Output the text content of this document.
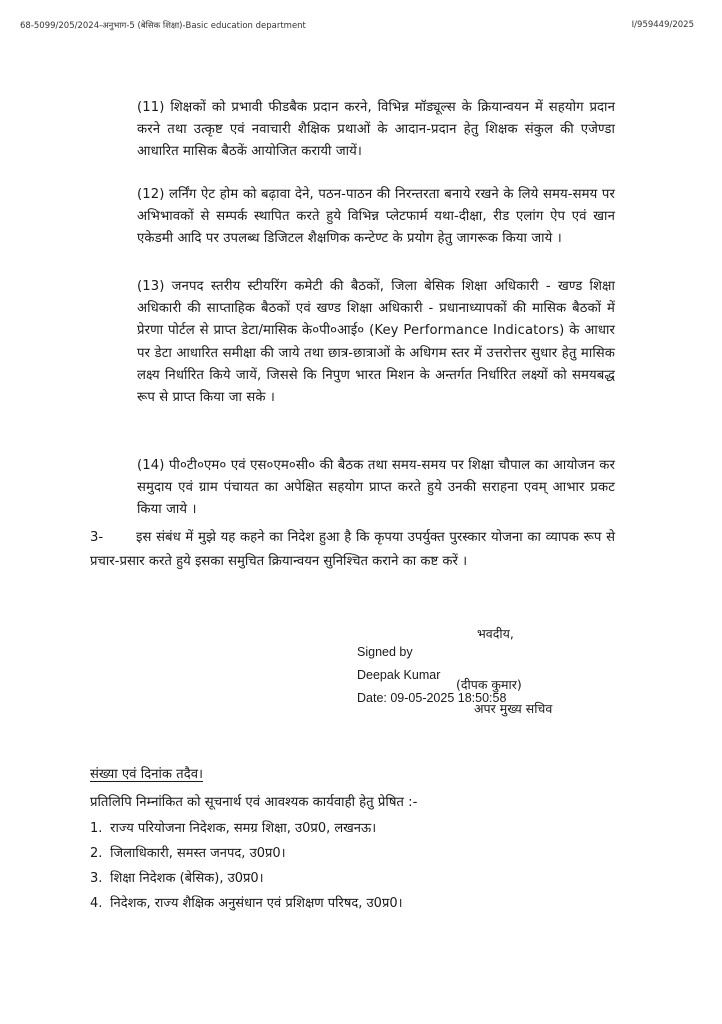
68-5099/205/2024-अनुभाग-5 (बेसिक शिक्षा)-Basic education department	I/959449/2025
(11) शिक्षकों को प्रभावी फीडबैक प्रदान करने, विभिन्न मॉड्यूल्स के क्रियान्वयन में सहयोग प्रदान करने तथा उत्कृष्ट एवं नवाचारी शैक्षिक प्रथाओं के आदान-प्रदान हेतु शिक्षक संकुल की एजेण्डा आधारित मासिक बैठकें आयोजित करायी जायें।
(12) लर्निंग ऐट होम को बढ़ावा देने, पठन-पाठन की निरन्तरता बनाये रखने के लिये समय-समय पर अभिभावकों से सम्पर्क स्थापित करते हुये विभिन्न प्लेटफार्म यथा-दीक्षा, रीड एलांग ऐप एवं खान एकेडमी आदि पर उपलब्ध डिजिटल शैक्षणिक कन्टेण्ट के प्रयोग हेतु जागरूक किया जाये ।
(13) जनपद स्तरीय स्टीयरिंग कमेटी की बैठकों, जिला बेसिक शिक्षा अधिकारी - खण्ड शिक्षा अधिकारी की साप्ताहिक बैठकों एवं खण्ड शिक्षा अधिकारी - प्रधानाध्यापकों की मासिक बैठकों में प्रेरणा पोर्टल से प्राप्त डेटा/मासिक के०पी०आई० (Key Performance Indicators) के आधार पर डेटा आधारित समीक्षा की जाये तथा छात्र-छात्राओं के अधिगम स्तर में उत्तरोत्तर सुधार हेतु मासिक लक्ष्य निर्धारित किये जायें, जिससे कि निपुण भारत मिशन के अन्तर्गत निर्धारित लक्ष्यों को समयबद्ध रूप से प्राप्त किया जा सके ।
(14) पी०टी०एम० एवं एस०एम०सी० की बैठक तथा समय-समय पर शिक्षा चौपाल का आयोजन कर समुदाय एवं ग्राम पंचायत का अपेक्षित सहयोग प्राप्त करते हुये उनकी सराहना एवम् आभार प्रकट किया जाये ।
3- इस संबंध में मुझे यह कहने का निदेश हुआ है कि कृपया उपर्युक्त पुरस्कार योजना का व्यापक रूप से प्रचार-प्रसार करते हुये इसका समुचित क्रियान्वयन सुनिश्चित कराने का कष्ट करें ।
भवदीय,
Signed by
Deepak Kumar
(दीपक कुमार)
Date: 09-05-2025 18:50:58
अपर मुख्य सचिव
संख्या एवं दिनांक तदैव।
प्रतिलिपि निम्नांकित को सूचनार्थ एवं आवश्यक कार्यवाही हेतु प्रेषित :-
1. राज्य परियोजना निदेशक, समग्र शिक्षा, उ0प्र0, लखनऊ।
2. जिलाधिकारी, समस्त जनपद, उ0प्र0।
3. शिक्षा निदेशक (बेसिक), उ0प्र0।
4. निदेशक, राज्य शैक्षिक अनुसंधान एवं प्रशिक्षण परिषद, उ0प्र0।
